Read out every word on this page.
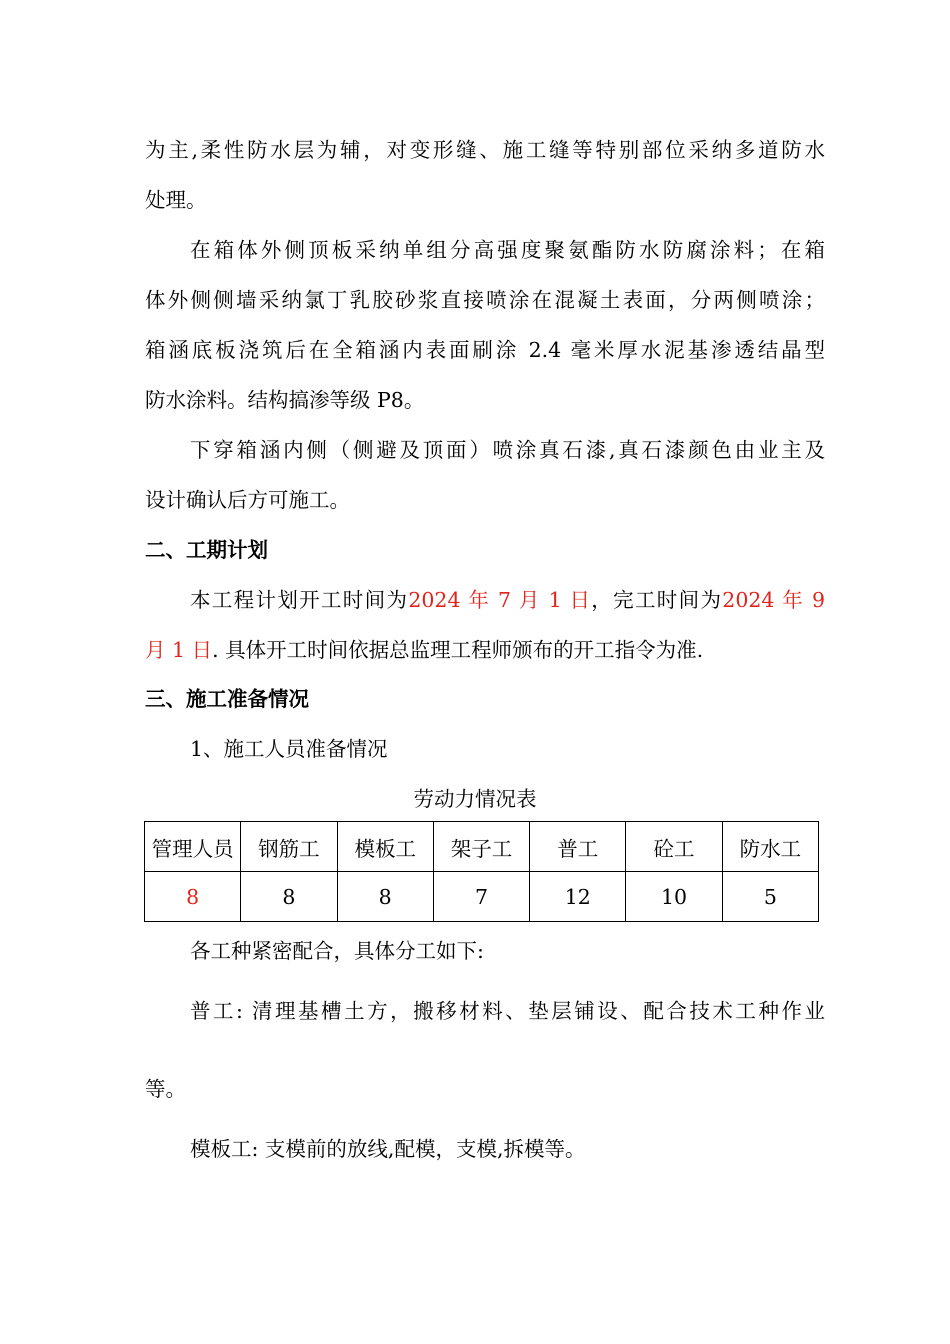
为主,柔性防水层为辅，对变形缝、施工缝等特别部位采纳多道防水
处理。
在箱体外侧顶板采纳单组分高强度聚氨酯防水防腐涂料；在箱
体外侧侧墙采纳氯丁乳胶砂浆直接喷涂在混凝土表面，分两侧喷涂；
箱涵底板浇筑后在全箱涵内表面刷涂 2.4 毫米厚水泥基渗透结晶型
防水涂料。结构搞渗等级 P8。
下穿箱涵内侧（侧避及顶面）喷涂真石漆,真石漆颜色由业主及
设计确认后方可施工。
二、工期计划
本工程计划开工时间为2024 年 7 月 1 日，完工时间为2024 年 9
月 1 日. 具体开工时间依据总监理工程师颁布的开工指令为准.
三、施工准备情况
1、施工人员准备情况
劳动力情况表
管理人员	钢筋工	模板工	架子工	普工	砼工	防水工
8	8	8	7	12	10	5
各工种紧密配合，具体分工如下:
普工: 清理基槽土方，搬移材料、垫层铺设、配合技术工种作业
等。
模板工: 支模前的放线,配模，支模,拆模等。
